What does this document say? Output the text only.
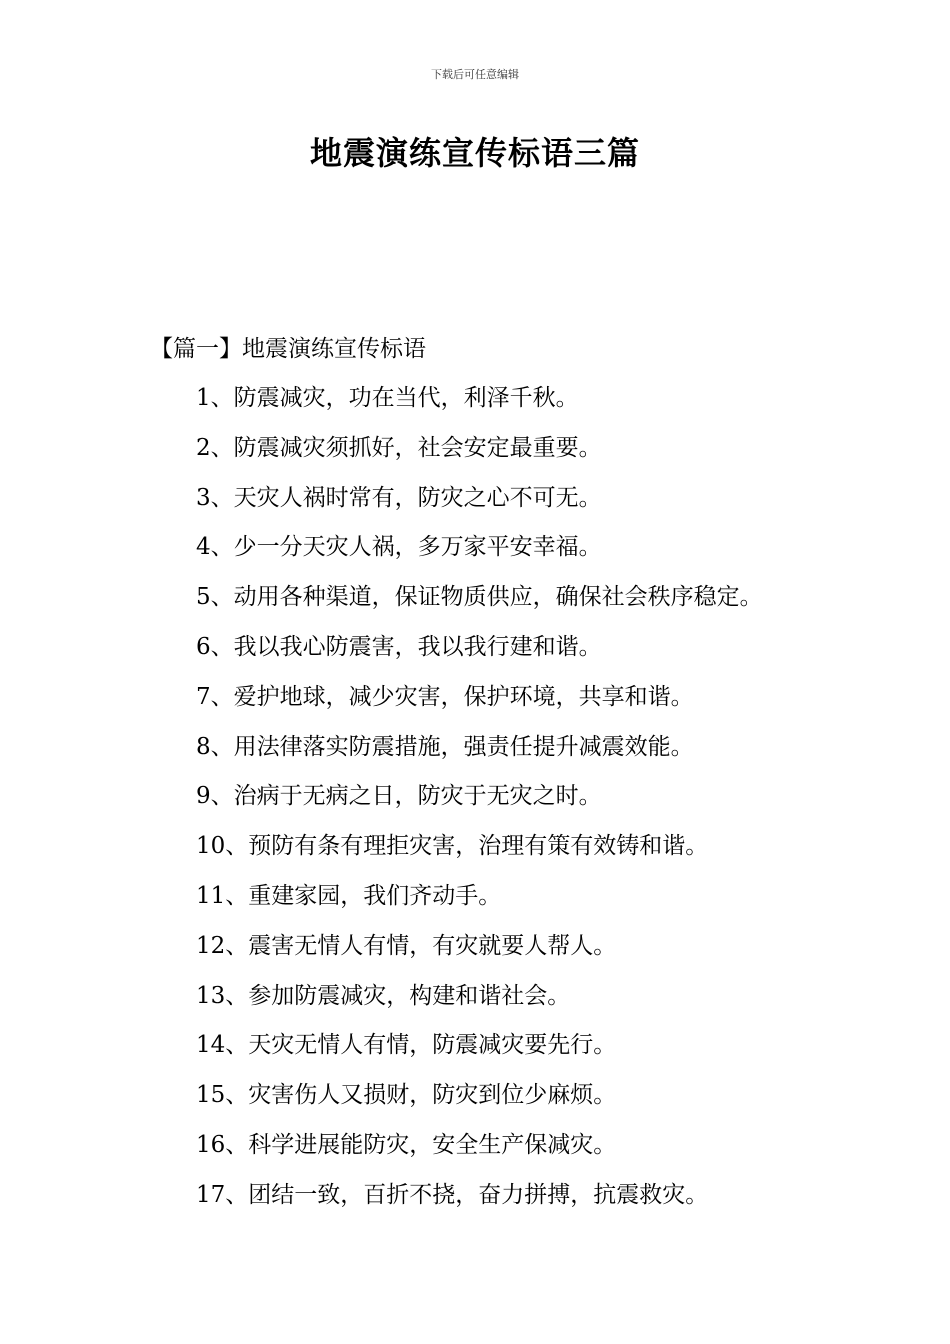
下载后可任意编辑
地震演练宣传标语三篇
【篇一】地震演练宣传标语
1、防震减灾，功在当代，利泽千秋。
2、防震减灾须抓好，社会安定最重要。
3、天灾人祸时常有，防灾之心不可无。
4、少一分天灾人祸，多万家平安幸福。
5、动用各种渠道，保证物质供应，确保社会秩序稳定。
6、我以我心防震害，我以我行建和谐。
7、爱护地球，减少灾害，保护环境，共享和谐。
8、用法律落实防震措施，强责任提升减震效能。
9、治病于无病之日，防灾于无灾之时。
10、预防有条有理拒灾害，治理有策有效铸和谐。
11、重建家园，我们齐动手。
12、震害无情人有情，有灾就要人帮人。
13、参加防震减灾，构建和谐社会。
14、天灾无情人有情，防震减灾要先行。
15、灾害伤人又损财，防灾到位少麻烦。
16、科学进展能防灾，安全生产保减灾。
17、团结一致，百折不挠，奋力拼搏，抗震救灾。
